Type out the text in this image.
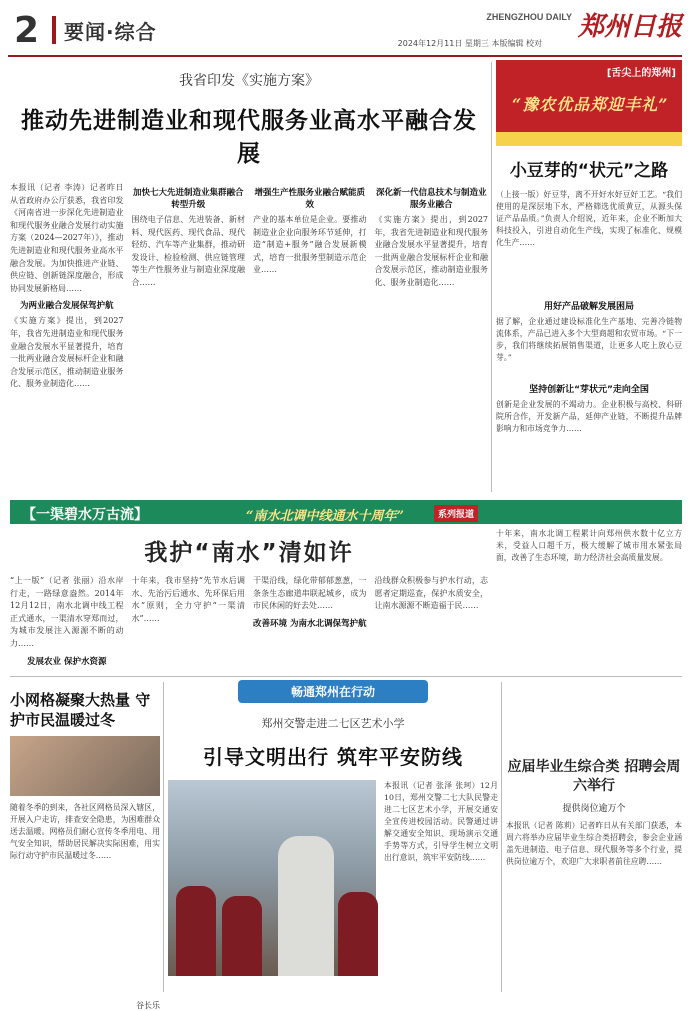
2 要闻·综合
ZHENGZHOU DAILY
2024年12月11日 星期三 本版编辑 校对
郑州日报
我省印发《实施方案》
推动先进制造业和现代服务业高水平融合发展
本报讯（记者 李涛）记者昨日从省政府办公厅获悉，我省印发《河南省进一步深化先进制造业和现代服务业融合发展行动实施方案（2024—2027年）》，推动先进制造业和现代服务业高水平融合发展。为加快推进产业链、供应链、创新链深度融合，形成协同发展新格局……
为两业融合发展保驾护航
《实施方案》提出，到2027年，我省先进制造业和现代服务业融合发展水平显著提升，培育一批两业融合发展标杆企业和融合发展示范区，推动制造业服务化、服务业制造化……
加快七大先进制造业集群融合转型升级
围绕电子信息、先进装备、新材料、现代医药、现代食品、现代轻纺、汽车等产业集群，推动研发设计、检验检测、供应链管理等生产性服务业与制造业深度融合……
增强生产性服务业融合赋能质效
产业的基本单位是企业。要推动制造业企业向服务环节延伸，打造“制造+服务”融合发展新模式，培育一批服务型制造示范企业……
深化新一代信息技术与制造业服务业融合
《实施方案》提出，到2027年，我省先进制造业和现代服务业融合发展水平显著提升，培育一批两业融合发展标杆企业和融合发展示范区，推动制造业服务化、服务业制造化……
[舌尖上的郑州]
“豫农优品郑迎丰礼”
小豆芽的“状元”之路
（上接一版）好豆芽，离不开好水好豆好工艺。“我们使用的是深层地下水，严格筛选优质黄豆，从源头保证产品品质。”负责人介绍说，近年来，企业不断加大科技投入，引进自动化生产线，实现了标准化、规模化生产……
用好产品破解发展困局
据了解，企业通过建设标准化生产基地、完善冷链物流体系，产品已进入多个大型商超和农贸市场。“下一步，我们将继续拓展销售渠道，让更多人吃上放心豆芽。”
坚持创新让“芽状元”走向全国
创新是企业发展的不竭动力。企业积极与高校、科研院所合作，开发新产品，延伸产业链，不断提升品牌影响力和市场竞争力……
【一渠碧水万古流】	“南水北调中线通水十周年”	系列报道
我护“南水”清如许
“上一版”（记者 张丽）沿水岸行走，一路绿意盎然。2014年12月12日，南水北调中线工程正式通水，一渠清水穿郑而过，为城市发展注入源源不断的动力……
发展农业 保护水资源
十年来，我市坚持“先节水后调水、先治污后通水、先环保后用水”原则，全力守护“一渠清水”……
干渠沿线，绿化带郁郁葱葱，一条条生态廊道串联起城乡，成为市民休闲的好去处……
改善环境 为南水北调保驾护航
沿线群众积极参与护水行动，志愿者定期巡查，保护水质安全，让南水源源不断造福于民……
十年来，南水北调工程累计向郑州供水数十亿立方米，受益人口超千万，极大缓解了城市用水紧张局面，改善了生态环境，助力经济社会高质量发展。
小网格凝聚大热量 守护市民温暖过冬
随着冬季的到来，各社区网格员深入辖区，开展入户走访，排查安全隐患，为困难群众送去温暖。网格员们耐心宣传冬季用电、用气安全知识，帮助居民解决实际困难，用实际行动守护市民温暖过冬……
谷长乐
畅通郑州在行动
郑州交警走进二七区艺术小学
引导文明出行 筑牢平安防线
本报讯（记者 张泽 张珂）12月10日，郑州交警二七大队民警走进二七区艺术小学，开展交通安全宣传进校园活动。民警通过讲解交通安全知识、现场演示交通手势等方式，引导学生树立文明出行意识，筑牢平安防线……
应届毕业生综合类 招聘会周六举行
提供岗位逾万个
本报讯（记者 陈莉）记者昨日从有关部门获悉，本周六将举办应届毕业生综合类招聘会，参会企业涵盖先进制造、电子信息、现代服务等多个行业，提供岗位逾万个，欢迎广大求职者前往应聘……
